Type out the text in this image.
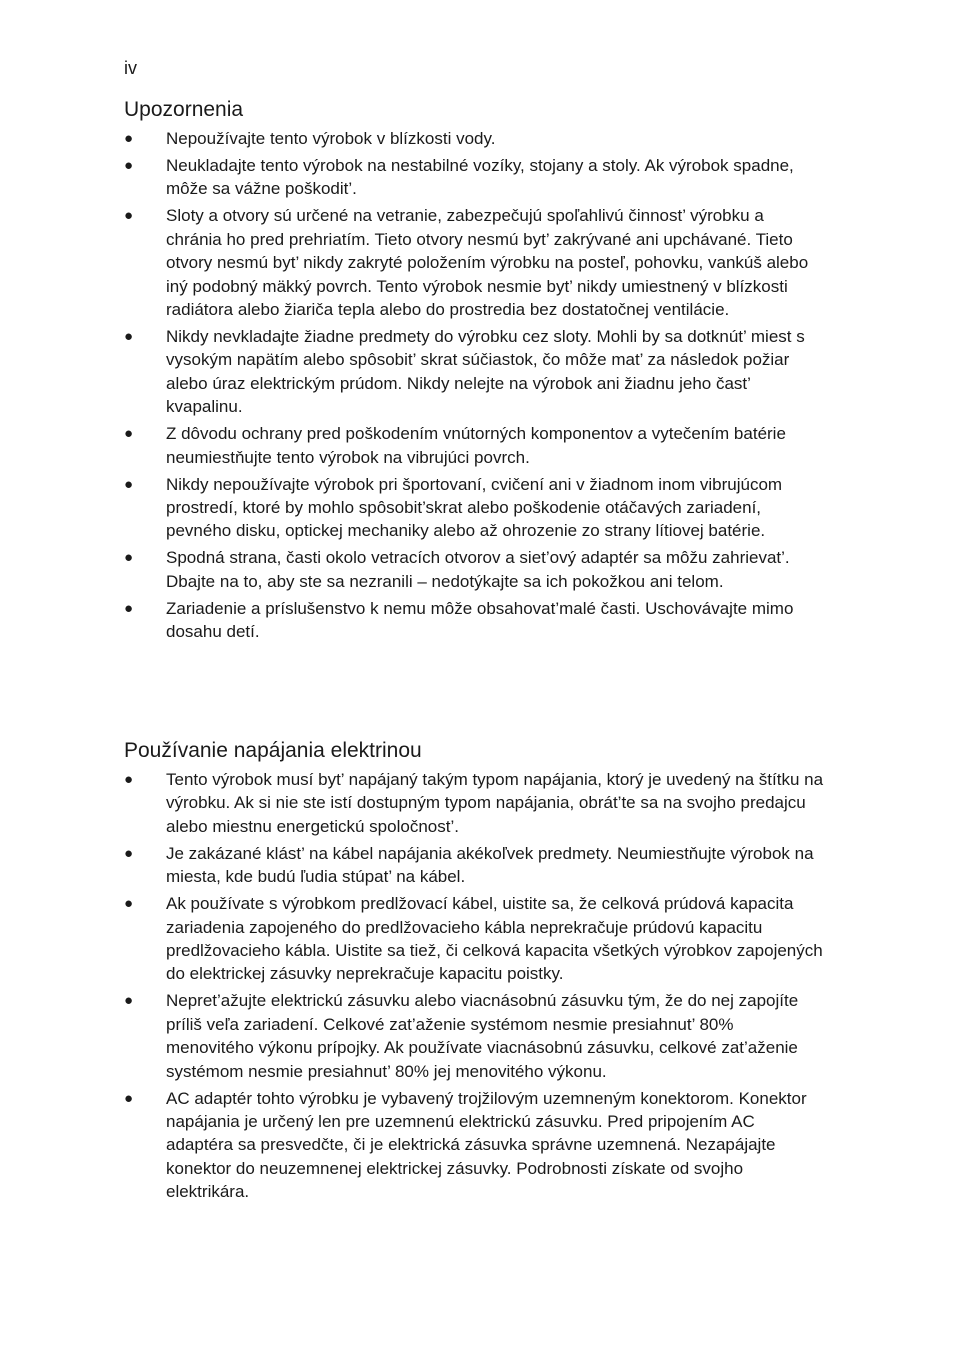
iv
Upozornenia
● Nepoužívajte tento výrobok v blízkosti vody.
● Neukladajte tento výrobok na nestabilné vozíky, stojany a stoly. Ak výrobok spadne, môže sa vážne poškodit’.
● Sloty a otvory sú určené na vetranie, zabezpečujú spoľahlivú činnost’ výrobku a chránia ho pred prehriatím. Tieto otvory nesmú byt’ zakrývané ani upchávané. Tieto otvory nesmú byt’ nikdy zakryté položením výrobku na posteľ, pohovku, vankúš alebo iný podobný mäkký povrch. Tento výrobok nesmie byt’ nikdy umiestnený v blízkosti radiátora alebo žiariča tepla alebo do prostredia bez dostatočnej ventilácie.
● Nikdy nevkladajte žiadne predmety do výrobku cez sloty. Mohli by sa dotknút’ miest s vysokým napätím alebo spôsobit’ skrat súčiastok, čo môže mat’ za následok požiar alebo úraz elektrickým prúdom. Nikdy nelejte na výrobok ani žiadnu jeho čast’ kvapalinu.
● Z dôvodu ochrany pred poškodením vnútorných komponentov a vytečením batérie neumiestňujte tento výrobok na vibrujúci povrch.
● Nikdy nepoužívajte výrobok pri športovaní, cvičení ani v žiadnom inom vibrujúcom prostredí, ktoré by mohlo spôsobit’skrat alebo poškodenie otáčavých zariadení, pevného disku, optickej mechaniky alebo až ohrozenie zo strany lítiovej batérie.
● Spodná strana, časti okolo vetracích otvorov a siet’ový adaptér sa môžu zahrievat’. Dbajte na to, aby ste sa nezranili – nedotýkajte sa ich pokožkou ani telom.
● Zariadenie a príslušenstvo k nemu môže obsahovat’malé časti. Uschovávajte mimo dosahu detí.
Používanie napájania elektrinou
● Tento výrobok musí byt’ napájaný takým typom napájania, ktorý je uvedený na štítku na výrobku. Ak si nie ste istí dostupným typom napájania, obrát’te sa na svojho predajcu alebo miestnu energetickú spoločnost’.
● Je zakázané klást’ na kábel napájania akékoľvek predmety. Neumiestňujte výrobok na miesta, kde budú ľudia stúpat’ na kábel.
● Ak používate s výrobkom predlžovací kábel, uistite sa, že celková prúdová kapacita zariadenia zapojeného do predlžovacieho kábla neprekračuje prúdovú kapacitu predlžovacieho kábla. Uistite sa tiež, či celková kapacita všetkých výrobkov zapojených do elektrickej zásuvky neprekračuje kapacitu poistky.
● Nepret’ažujte elektrickú zásuvku alebo viacnásobnú zásuvku tým, že do nej zapojíte príliš veľa zariadení. Celkové zat’aženie systémom nesmie presiahnut’ 80% menovitého výkonu prípojky. Ak používate viacnásobnú zásuvku, celkové zat’aženie systémom nesmie presiahnut’ 80% jej menovitého výkonu.
● AC adaptér tohto výrobku je vybavený trojžilovým uzemneným konektorom. Konektor napájania je určený len pre uzemnenú elektrickú zásuvku. Pred pripojením AC adaptéra sa presvedčte, či je elektrická zásuvka správne uzemnená. Nezapájajte konektor do neuzemnenej elektrickej zásuvky. Podrobnosti získate od svojho elektrikára.
